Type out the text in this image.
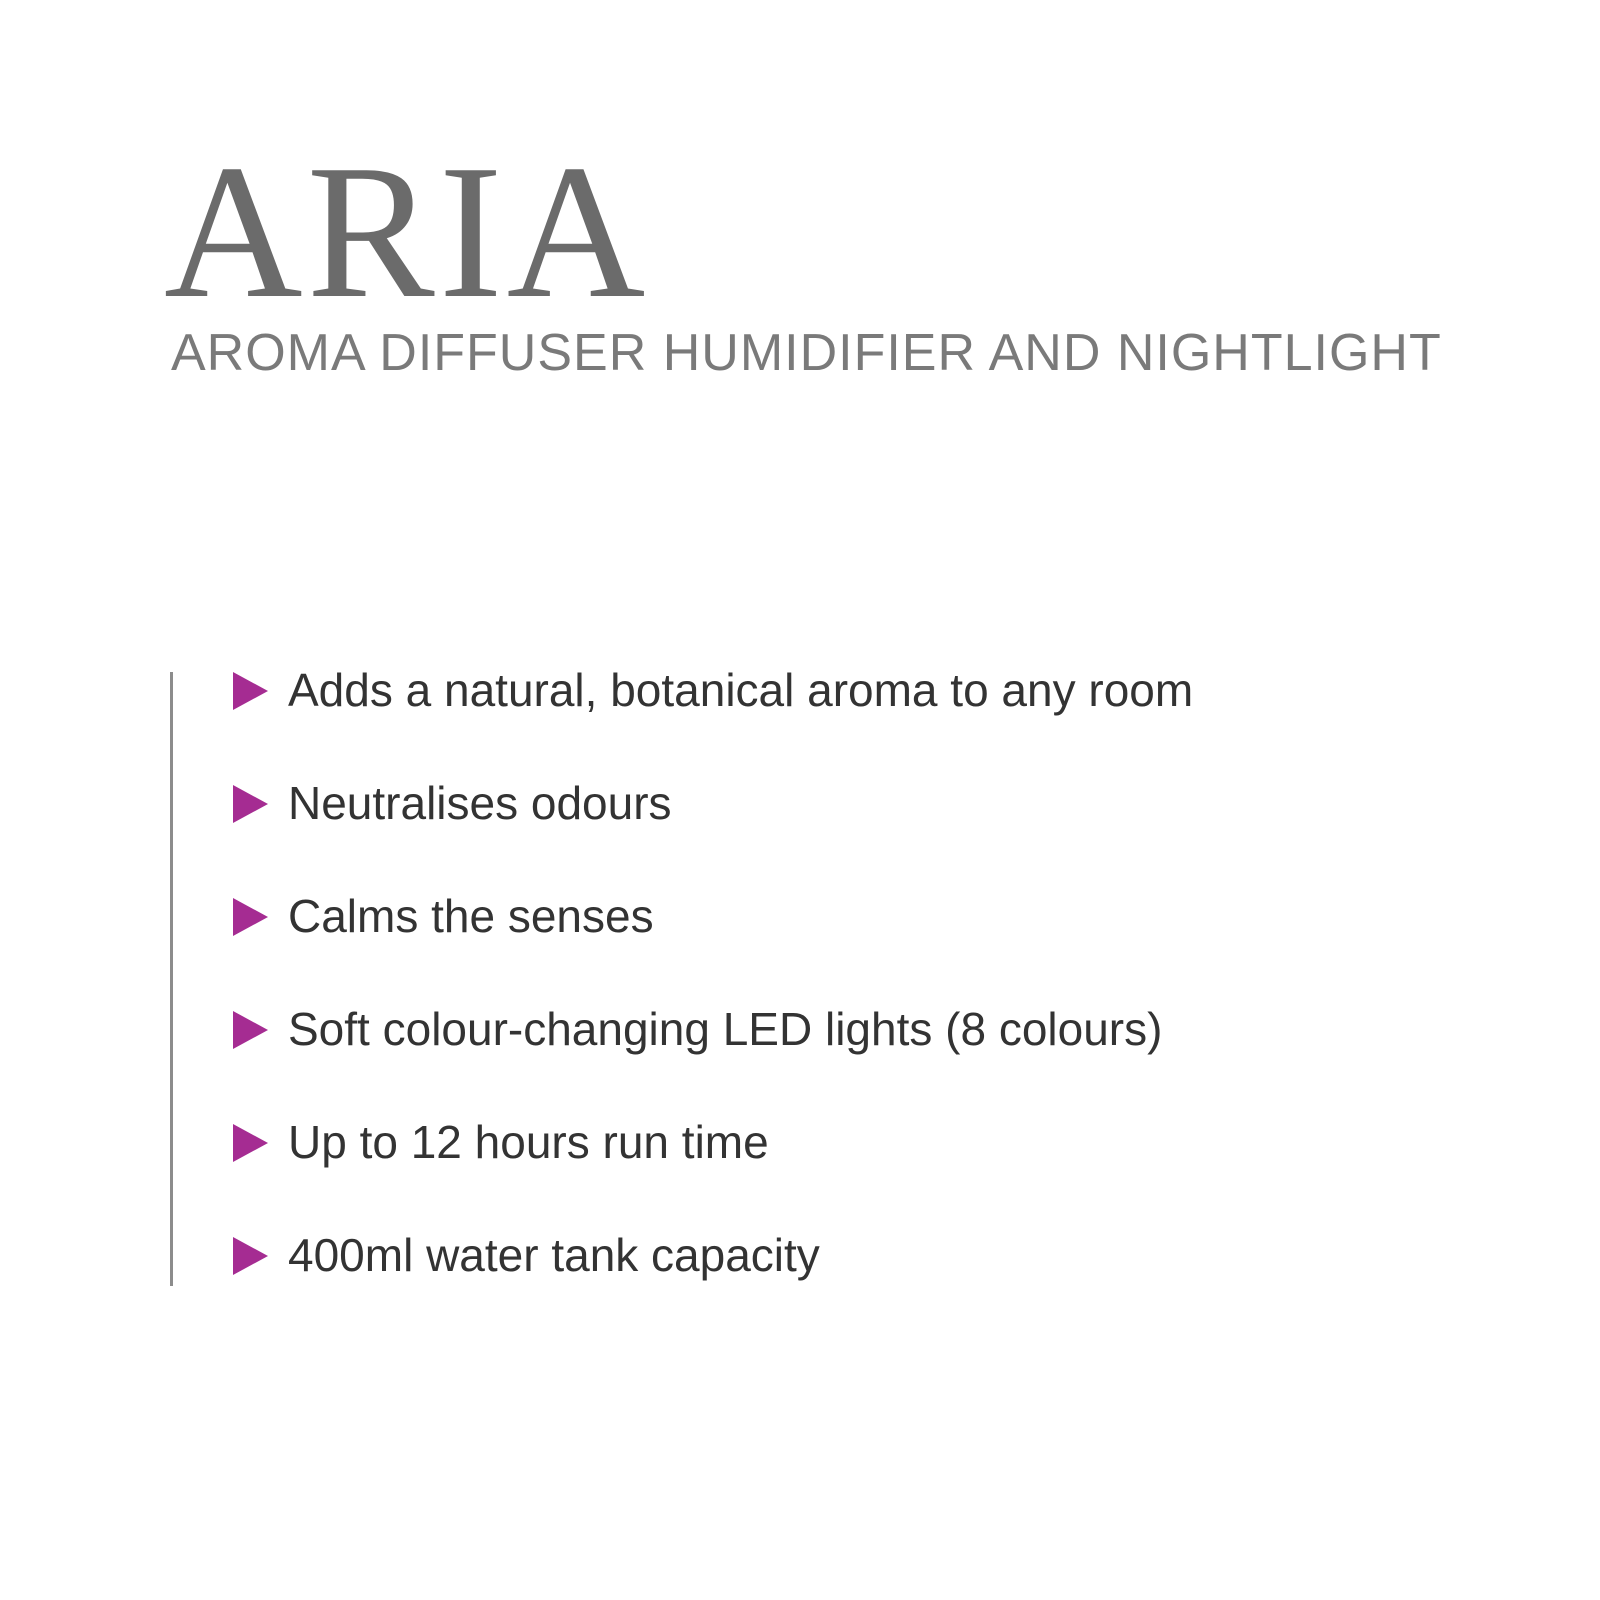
ARIA
AROMA DIFFUSER HUMIDIFIER AND NIGHTLIGHT
Adds a natural, botanical aroma to any room
Neutralises odours
Calms the senses
Soft colour-changing LED lights (8 colours)
Up to 12 hours run time
400ml water tank capacity
